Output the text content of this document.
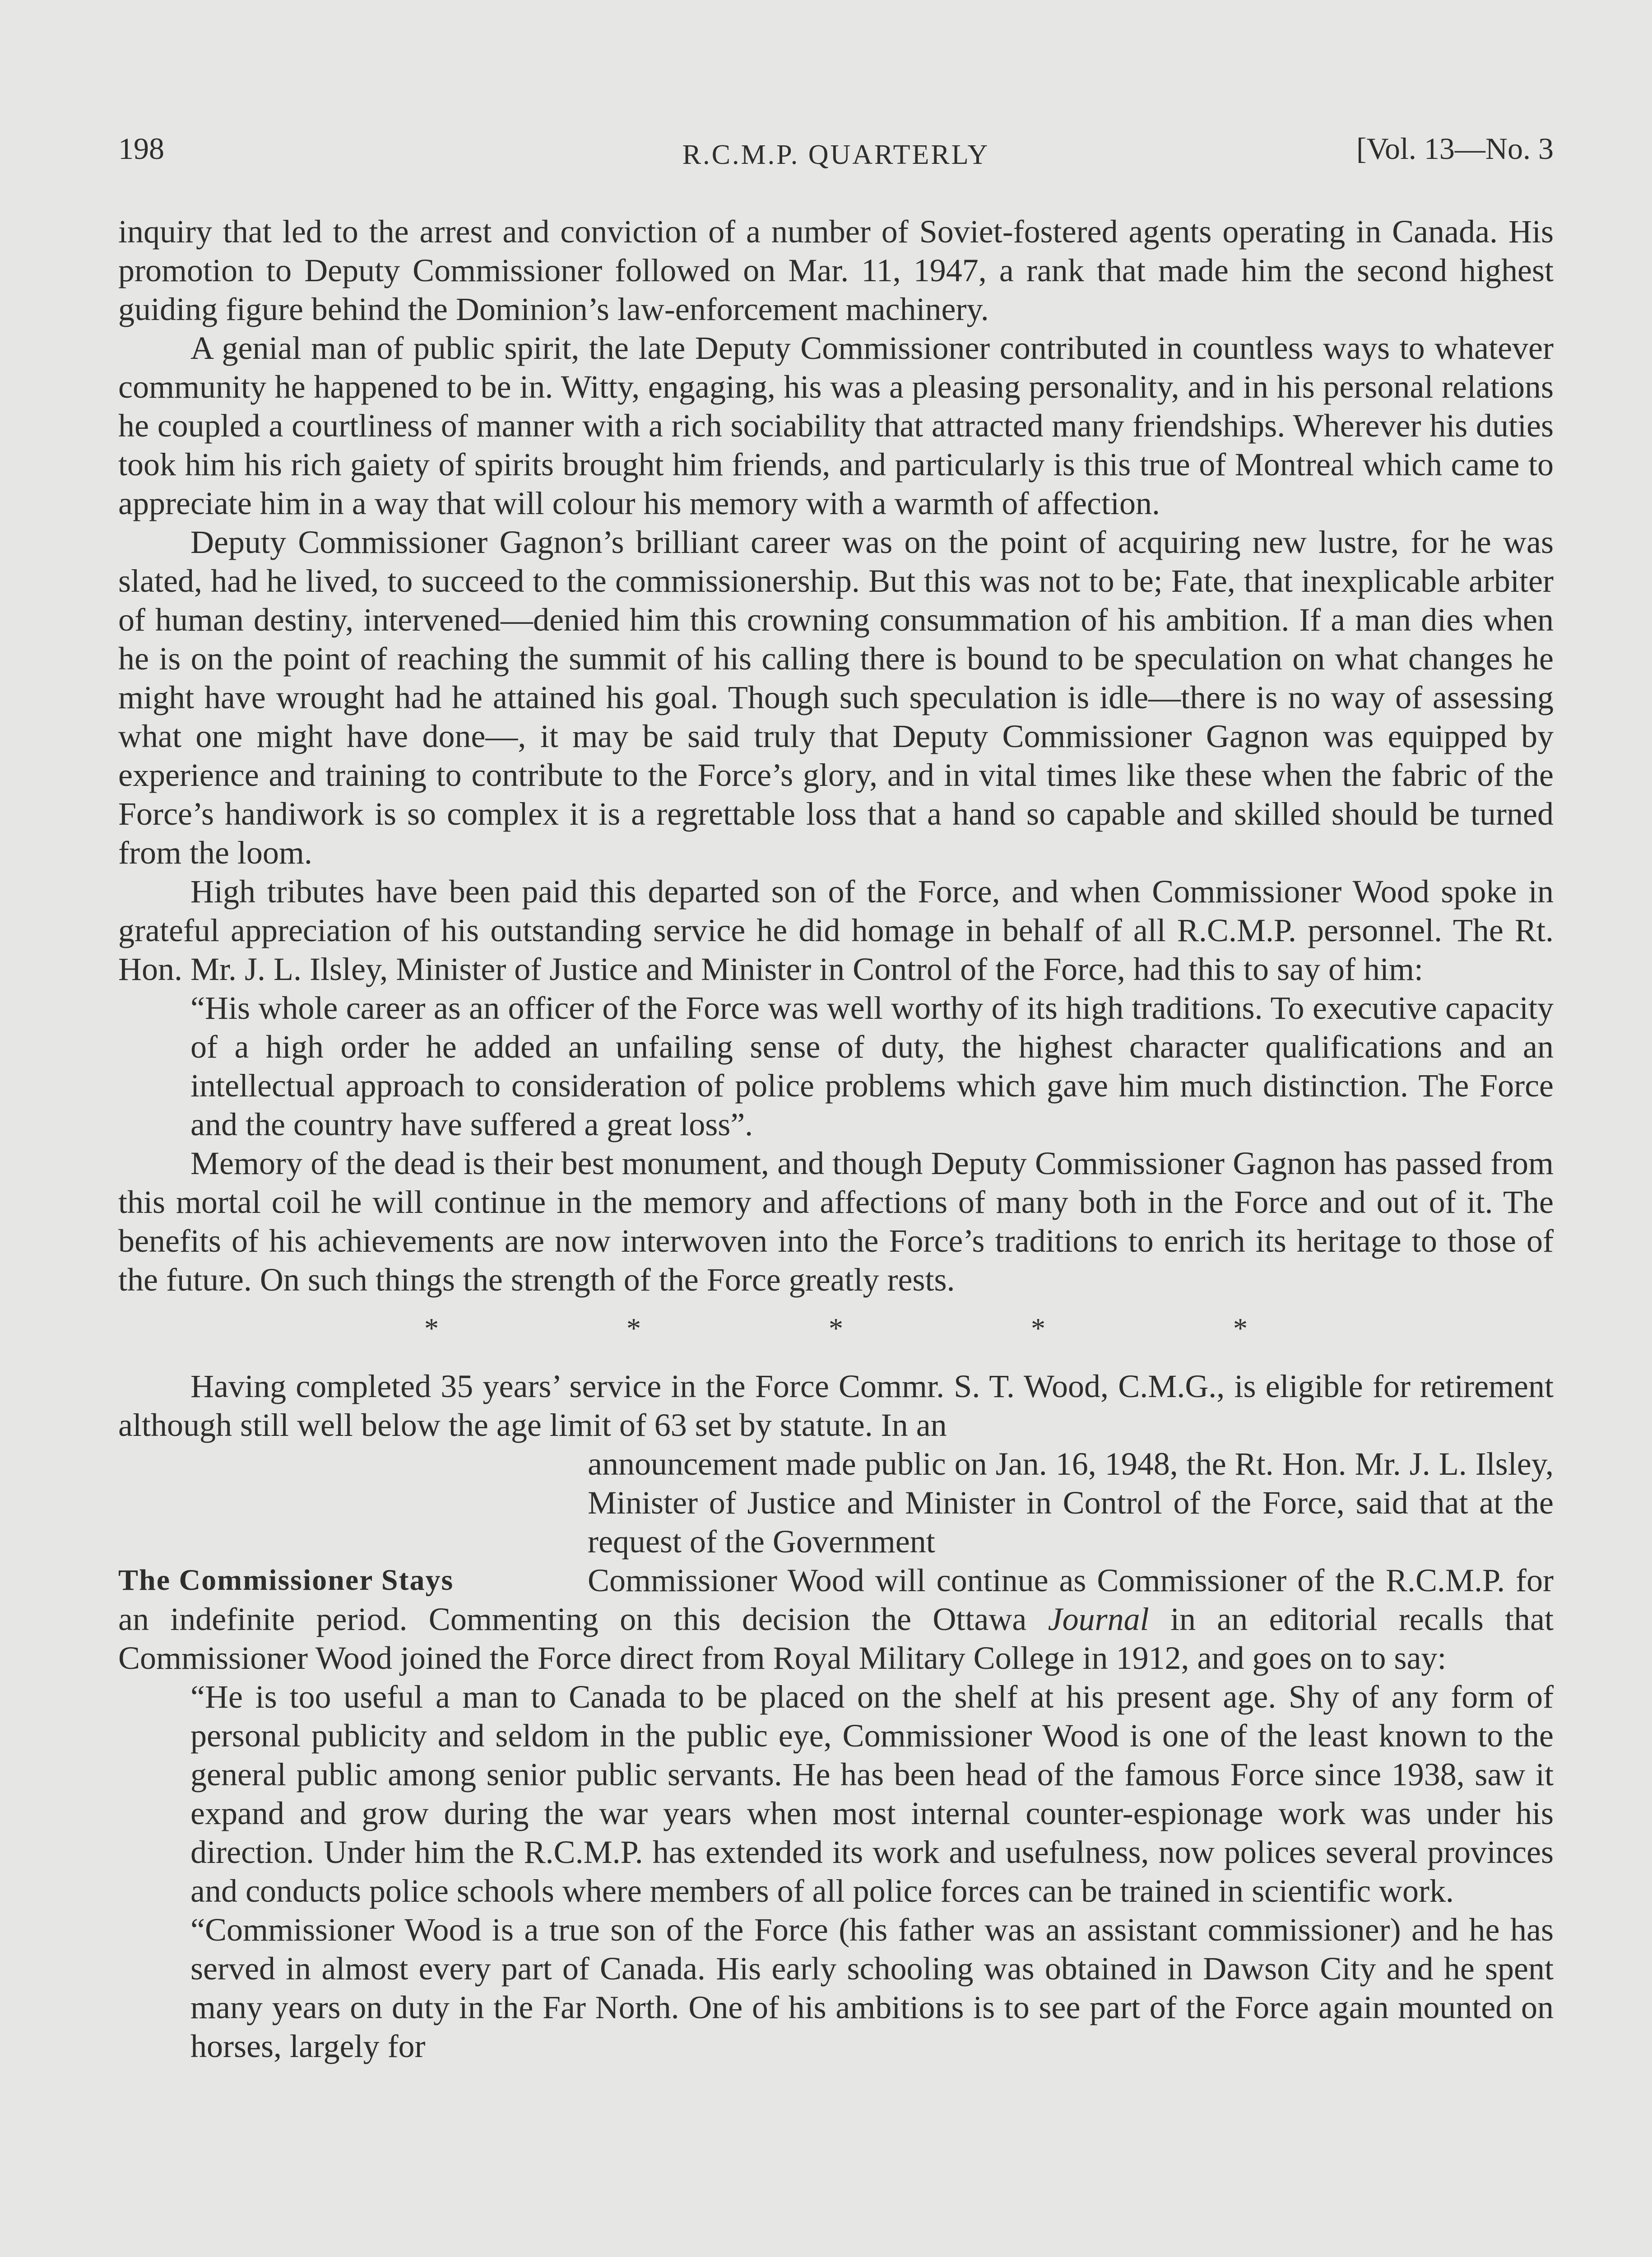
198	R.C.M.P. QUARTERLY	[Vol. 13—No. 3

inquiry that led to the arrest and conviction of a number of Soviet-fostered agents operating in Canada. His promotion to Deputy Commissioner followed on Mar. 11, 1947, a rank that made him the second highest guiding figure behind the Dominion’s law-enforcement machinery.

A genial man of public spirit, the late Deputy Commissioner contributed in countless ways to whatever community he happened to be in. Witty, engaging, his was a pleasing personality, and in his personal relations he coupled a courtliness of manner with a rich sociability that attracted many friendships. Wherever his duties took him his rich gaiety of spirits brought him friends, and particularly is this true of Montreal which came to appreciate him in a way that will colour his memory with a warmth of affection.

Deputy Commissioner Gagnon’s brilliant career was on the point of acquiring new lustre, for he was slated, had he lived, to succeed to the commissionership. But this was not to be; Fate, that inexplicable arbiter of human destiny, intervened—denied him this crowning consummation of his ambition. If a man dies when he is on the point of reaching the summit of his calling there is bound to be speculation on what changes he might have wrought had he attained his goal. Though such speculation is idle—there is no way of assessing what one might have done—, it may be said truly that Deputy Commissioner Gagnon was equipped by experience and training to contribute to the Force’s glory, and in vital times like these when the fabric of the Force’s handiwork is so complex it is a regrettable loss that a hand so capable and skilled should be turned from the loom.

High tributes have been paid this departed son of the Force, and when Commissioner Wood spoke in grateful appreciation of his outstanding service he did homage in behalf of all R.C.M.P. personnel. The Rt. Hon. Mr. J. L. Ilsley, Minister of Justice and Minister in Control of the Force, had this to say of him:

“His whole career as an officer of the Force was well worthy of its high traditions. To executive capacity of a high order he added an unfailing sense of duty, the highest character qualifications and an intellectual approach to consideration of police problems which gave him much distinction. The Force and the country have suffered a great loss”.

Memory of the dead is their best monument, and though Deputy Commissioner Gagnon has passed from this mortal coil he will continue in the memory and affections of many both in the Force and out of it. The benefits of his achievements are now interwoven into the Force’s traditions to enrich its heritage to those of the future. On such things the strength of the Force greatly rests.

* * * * *

Having completed 35 years’ service in the Force Commr. S. T. Wood, C.M.G., is eligible for retirement although still well below the age limit of 63 set by statute. In an

The Commissioner Stays

announcement made public on Jan. 16, 1948, the Rt. Hon. Mr. J. L. Ilsley, Minister of Justice and Minister in Control of the Force, said that at the request of the Government

Commissioner Wood will continue as Commissioner of the R.C.M.P. for an indefinite period. Commenting on this decision the Ottawa Journal in an editorial recalls that Commissioner Wood joined the Force direct from Royal Military College in 1912, and goes on to say:

“He is too useful a man to Canada to be placed on the shelf at his present age. Shy of any form of personal publicity and seldom in the public eye, Commissioner Wood is one of the least known to the general public among senior public servants. He has been head of the famous Force since 1938, saw it expand and grow during the war years when most internal counter-espionage work was under his direction. Under him the R.C.M.P. has extended its work and usefulness, now polices several provinces and conducts police schools where members of all police forces can be trained in scientific work.

“Commissioner Wood is a true son of the Force (his father was an assistant commissioner) and he has served in almost every part of Canada. His early schooling was obtained in Dawson City and he spent many years on duty in the Far North. One of his ambitions is to see part of the Force again mounted on horses, largely for
